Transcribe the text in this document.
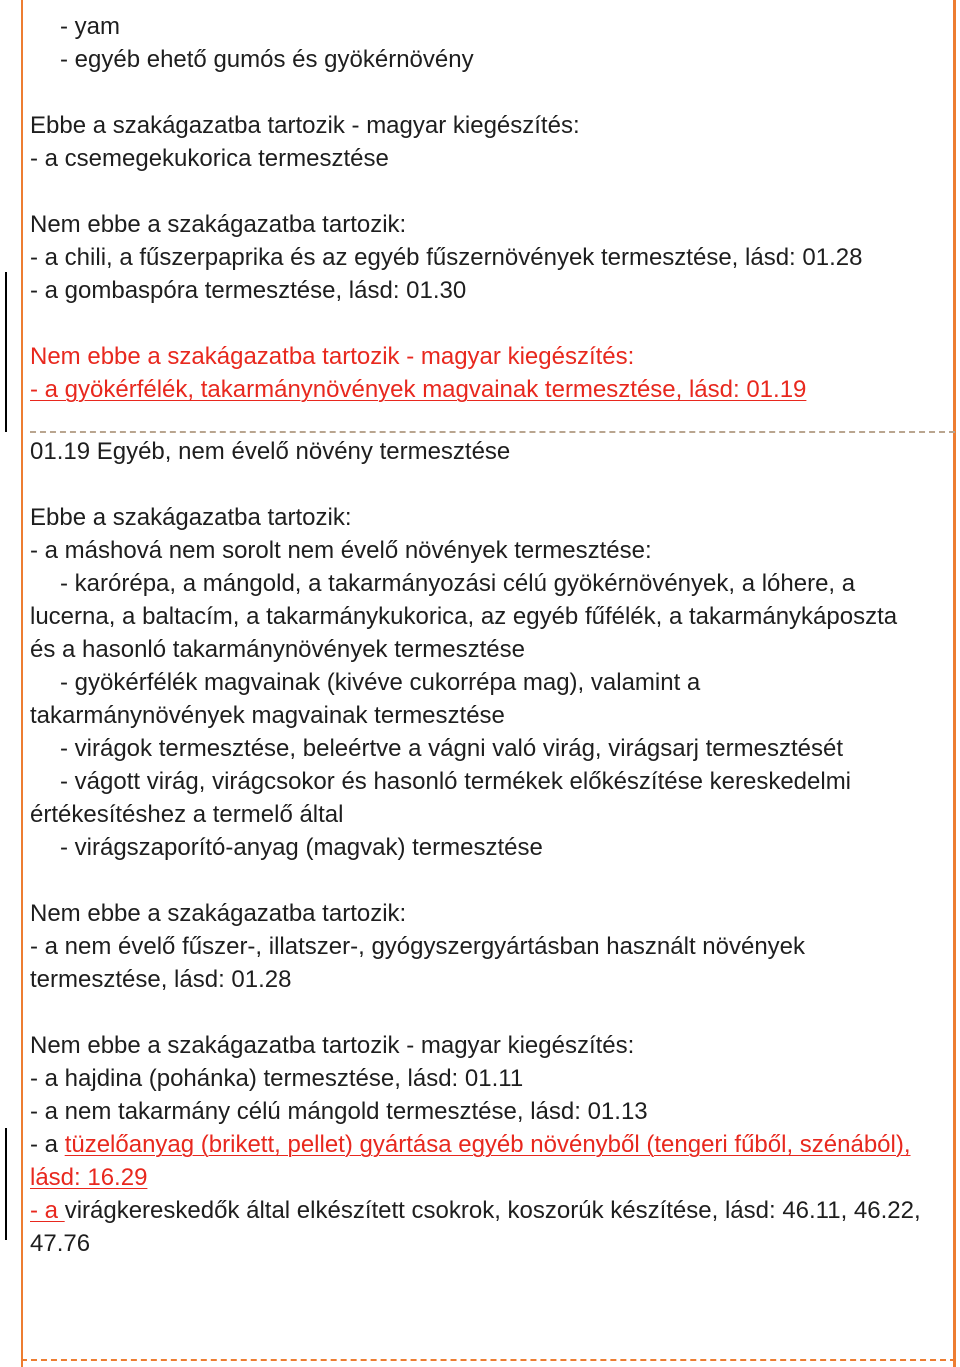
- yam
- egyéb ehető gumós és gyökérnövény
Ebbe a szakágazatba tartozik - magyar kiegészítés:
- a csemegekukorica termesztése
Nem ebbe a szakágazatba tartozik:
- a chili, a fűszerpaprika és az egyéb fűszernövények termesztése, lásd: 01.28
- a gombaspóra termesztése, lásd: 01.30
Nem ebbe a szakágazatba tartozik - magyar kiegészítés:
- a gyökérfélék, takarmánynövények magvainak termesztése, lásd: 01.19
01.19 Egyéb, nem évelő növény termesztése
Ebbe a szakágazatba tartozik:
- a máshová nem sorolt nem évelő növények termesztése:
- karórépa, a mángold, a takarmányozási célú gyökérnövények, a lóhere, a
lucerna, a baltacím, a takarmánykukorica, az egyéb fűfélék, a takarmánykáposzta
és a hasonló takarmánynövények termesztése
- gyökérfélék magvainak (kivéve cukorrépa mag), valamint a
takarmánynövények magvainak termesztése
- virágok termesztése, beleértve a vágni való virág, virágsarj termesztését
- vágott virág, virágcsokor és hasonló termékek előkészítése kereskedelmi
értékesítéshez a termelő által
- virágszaporító-anyag (magvak) termesztése
Nem ebbe a szakágazatba tartozik:
- a nem évelő fűszer-, illatszer-, gyógyszergyártásban használt növények
termesztése, lásd: 01.28
Nem ebbe a szakágazatba tartozik - magyar kiegészítés:
- a hajdina (pohánka) termesztése, lásd: 01.11
- a nem takarmány célú mángold termesztése, lásd: 01.13
- a tüzelőanyag (brikett, pellet) gyártása egyéb növényből (tengeri fűből, szénából),
lásd: 16.29
- a virágkereskedők által elkészített csokrok, koszorúk készítése, lásd: 46.11, 46.22,
47.76
